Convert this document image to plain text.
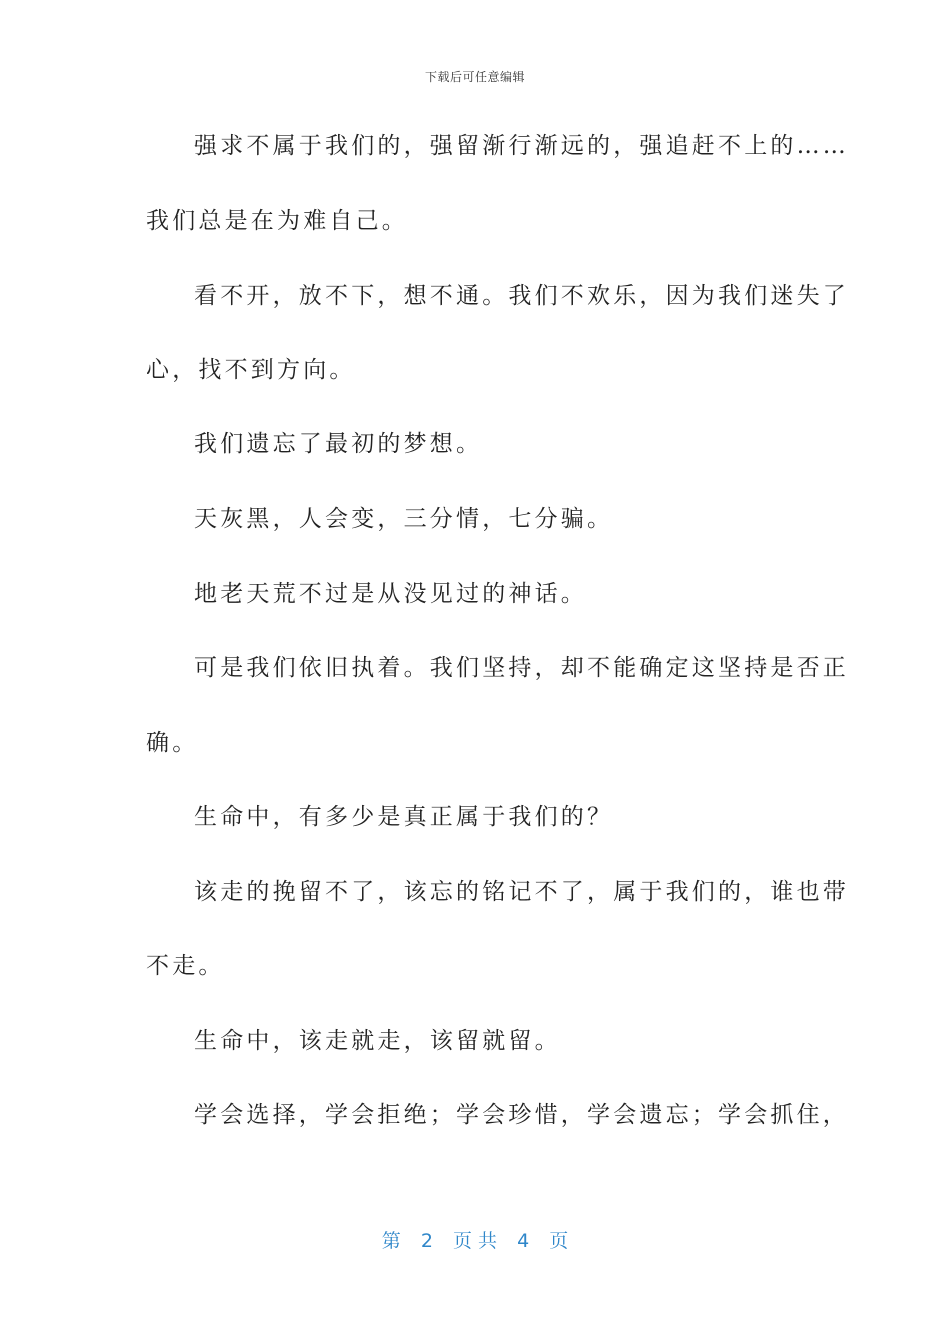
下载后可任意编辑
强求不属于我们的，强留渐行渐远的，强追赶不上的……
我们总是在为难自己。
看不开，放不下，想不通。我们不欢乐，因为我们迷失了
心，找不到方向。
我们遗忘了最初的梦想。
天灰黑，人会变，三分情，七分骗。
地老天荒不过是从没见过的神话。
可是我们依旧执着。我们坚持，却不能确定这坚持是否正
确。
生命中，有多少是真正属于我们的？
该走的挽留不了，该忘的铭记不了，属于我们的，谁也带
不走。
生命中，该走就走，该留就留。
学会选择，学会拒绝；学会珍惜，学会遗忘；学会抓住，
第 2 页 共 4 页
